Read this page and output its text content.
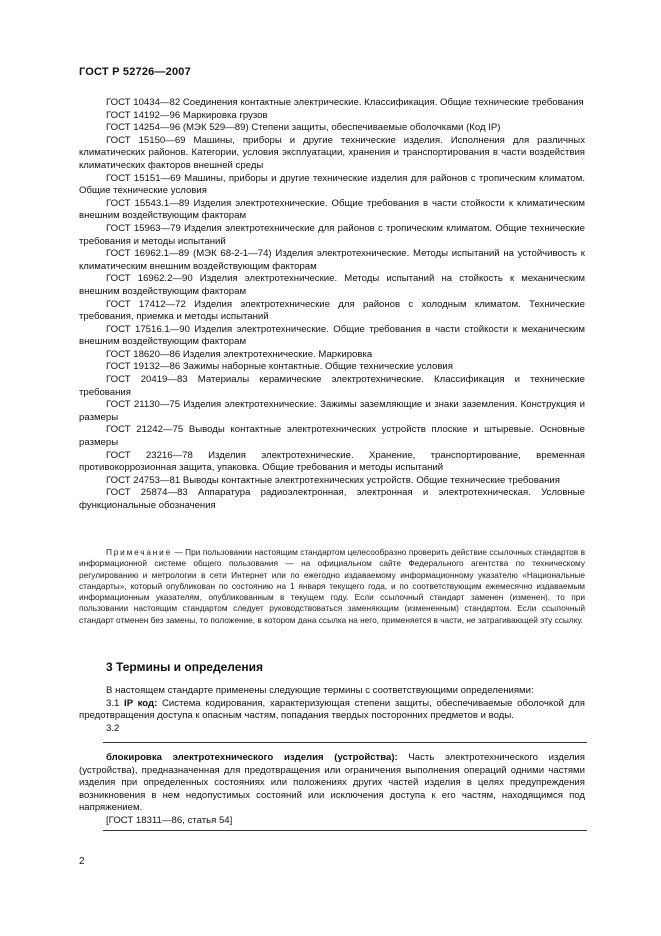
ГОСТ Р 52726—2007

ГОСТ 10434—82 Соединения контактные электрические. Классификация. Общие технические требования

ГОСТ 14192—96 Маркировка грузов

ГОСТ 14254—96 (МЭК 529—89) Степени защиты, обеспечиваемые оболочками (Код IP)

ГОСТ 15150—69 Машины, приборы и другие технические изделия. Исполнения для различных климатических районов. Категории, условия эксплуатации, хранения и транспортирования в части воздействия климатических факторов внешней среды

ГОСТ 15151—69 Машины, приборы и другие технические изделия для районов с тропическим климатом. Общие технические условия

ГОСТ 15543.1—89 Изделия электротехнические. Общие требования в части стойкости к климатическим внешним воздействующим факторам

ГОСТ 15963—79 Изделия электротехнические для районов с тропическим климатом. Общие технические требования и методы испытаний

ГОСТ 16962.1—89 (МЭК 68-2-1—74) Изделия электротехнические. Методы испытаний на устойчивость к климатическим внешним воздействующим факторам

ГОСТ 16962.2—90 Изделия электротехнические. Методы испытаний на стойкость к механическим внешним воздействующим факторам

ГОСТ 17412—72 Изделия электротехнические для районов с холодным климатом. Технические требования, приемка и методы испытаний

ГОСТ 17516.1—90 Изделия электротехнические. Общие требования в части стойкости к механическим внешним воздействующим факторам

ГОСТ 18620—86 Изделия электротехнические. Маркировка

ГОСТ 19132—86 Зажимы наборные контактные. Общие технические условия

ГОСТ 20419—83 Материалы керамические электротехнические. Классификация и технические требования

ГОСТ 21130—75 Изделия электротехнические. Зажимы заземляющие и знаки заземления. Конструкция и размеры

ГОСТ 21242—75 Выводы контактные электротехнических устройств плоские и штыревые. Основные размеры

ГОСТ 23216—78 Изделия электротехнические. Хранение, транспортирование, временная противокоррозионная защита, упаковка. Общие требования и методы испытаний

ГОСТ 24753—81 Выводы контактные электротехнических устройств. Общие технические требования

ГОСТ 25874—83 Аппаратура радиоэлектронная, электронная и электротехническая. Условные функциональные обозначения

Примечание — При пользовании настоящим стандартом целесообразно проверить действие ссылочных стандартов в информационной системе общего пользования — на официальном сайте Федерального агентства по техническому регулированию и метрологии в сети Интернет или по ежегодно издаваемому информационному указателю «Национальные стандарты», который опубликован по состоянию на 1 января текущего года, и по соответствующим ежемесячно издаваемым информационным указателям, опубликованным в текущем году. Если ссылочный стандарт заменен (изменен), то при пользовании настоящим стандартом следует руководствоваться заменяющим (измененным) стандартом. Если ссылочный стандарт отменен без замены, то положение, в котором дана ссылка на него, применяется в части, не затрагивающей эту ссылку.

3 Термины и определения

В настоящем стандарте применены следующие термины с соответствующими определениями:

3.1 IP код: Система кодирования, характеризующая степени защиты, обеспечиваемые оболочкой для предотвращения доступа к опасным частям, попадания твердых посторонних предметов и воды.

3.2

блокировка электротехнического изделия (устройства): Часть электротехнического изделия (устройства), предназначенная для предотвращения или ограничения выполнения операций одними частями изделия при определенных состояниях или положениях других частей изделия в целях предупреждения возникновения в нем недопустимых состояний или исключения доступа к его частям, находящимся под напряжением.

[ГОСТ 18311—86, статья 54]

2
